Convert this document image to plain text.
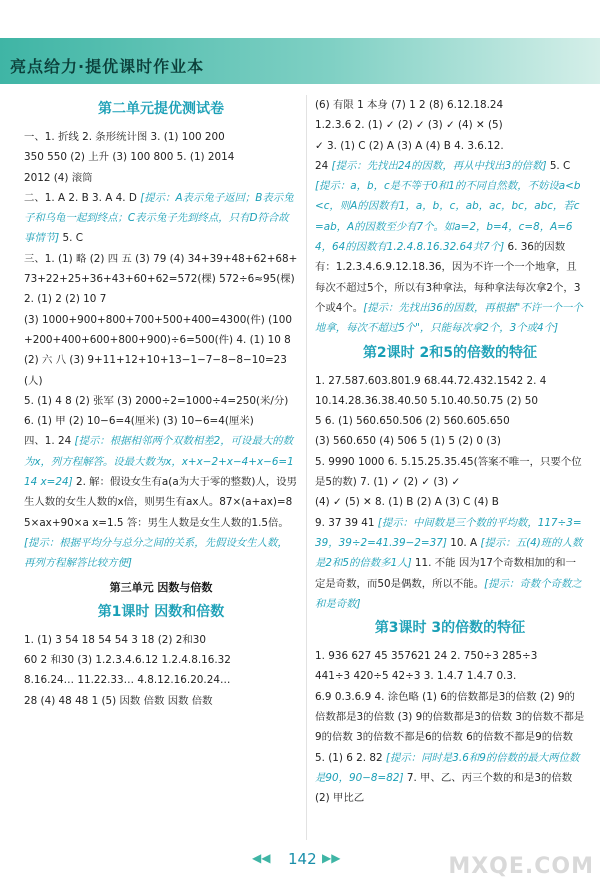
亮点给力·提优课时作业本
第二单元提优测试卷

一、1. 折线 2. 条形统计图 3. (1) 100 200

350 550 (2) 上升 (3) 100 800 5. (1) 2014

2012 (4) 滚筒

二、1. A 2. B 3. A 4. D [提示：A表示兔子返回；B表示兔子和乌龟一起到终点；C表示兔子先到终点，只有D符合故事情节] 5. C

三、1. (1) 略 (2) 四 五 (3) 79 (4) 34+39+48+62+68+73+22+25+36+43+60+62=572(棵) 572÷6≈95(棵) 2. (1) 2 (2) 10 7

(3) 1000+900+800+700+500+400=4300(件) (100+200+400+600+800+900)÷6=500(件) 4. (1) 10 8 (2) 六 八 (3) 9+11+12+10+13−1−7−8−8−10=23(人)

5. (1) 4 8 (2) 张军 (3) 2000÷2=1000÷4=250(米/分) 6. (1) 甲 (2) 10−6=4(厘米) (3) 10−6=4(厘米)

四、1. 24 [提示：根据相邻两个双数相差2，可设最大的数为x，列方程解答。设最大数为x，x+x−2+x−4+x−6=114 x=24] 2. 解：假设女生有a(a为大于零的整数)人，设男生人数的女生人数的x倍，则男生有ax人。87×(a+ax)=85×ax+90×a x=1.5 答：男生人数是女生人数的1.5倍。[提示：根据平均分与总分之间的关系，先假设女生人数，再列方程解答比较方便]

第三单元 因数与倍数
第1课时 因数和倍数

1. (1) 3 54 18 54 54 3 18 (2) 2和30

60 2 和30 (3) 1.2.3.4.6.12 1.2.4.8.16.32

8.16.24… 11.22.33… 4.8.12.16.20.24…

28 (4) 48 48 1 (5) 因数 倍数 因数 倍数

(6) 有限 1 本身 (7) 1 2 (8) 6.12.18.24

1.2.3.6 2. (1) ✓ (2) ✓ (3) ✓ (4) ✕ (5)

✓ 3. (1) C (2) A (3) A (4) B 4. 3.6.12.

24 [提示：先找出24的因数，再从中找出3的倍数] 5. C [提示：a，b，c是不等于0和1的不同自然数，不妨设a<b<c，则A的因数有1，a，b，c，ab，ac，bc，abc，若c=ab，A的因数至少有7个。如a=2，b=4，c=8，A=64，64的因数有1.2.4.8.16.32.64共7个] 6. 36的因数有：1.2.3.4.6.9.12.18.36，因为不许一个一个地拿，且每次不超过5个，所以有3种拿法，每种拿法每次拿2个，3个或4个。[提示：先找出36的因数，再根据"不许一个一个地拿，每次不超过5个"，只能每次拿2个，3个或4个]

第2课时 2和5的倍数的特征

1. 27.587.603.801.9 68.44.72.432.1542 2. 4

10.14.28.36.38.40.50 5.10.40.50.75 (2) 50

5 6. (1) 560.650.506 (2) 560.605.650

(3) 560.650 (4) 506 5 (1) 5 (2) 0 (3)

5. 9990 1000 6. 5.15.25.35.45(答案不唯一，只要个位是5的数) 7. (1) ✓ (2) ✓ (3) ✓

(4) ✓ (5) ✕ 8. (1) B (2) A (3) C (4) B

9. 37 39 41 [提示：中间数是三个数的平均数，117÷3=39，39÷2=41.39−2=37] 10. A [提示：五(4)班的人数是2和5的倍数多1人] 11. 不能 因为17个奇数相加的和一定是奇数，而50是偶数，所以不能。[提示：奇数个奇数之和是奇数]

第3课时 3的倍数的特征

1. 936 627 45 357621 24 2. 750÷3 285÷3

441÷3 420÷5 42÷3 3. 1.4.7 1.4.7 0.3.

6.9 0.3.6.9 4. 涂色略 (1) 6的倍数都是3的倍数 (2) 9的倍数都是3的倍数 (3) 9的倍数都是3的倍数 3的倍数不都是9的倍数 3的倍数不都是6的倍数 6的倍数不都是9的倍数 5. (1) 6 2. 82 [提示：同时是3.6和9的倍数的最大两位数是90，90−8=82] 7. 甲、乙、丙三个数的和是3的倍数 (2) 甲比乙

◀◀ 142 ▶▶	MXQE.COM
